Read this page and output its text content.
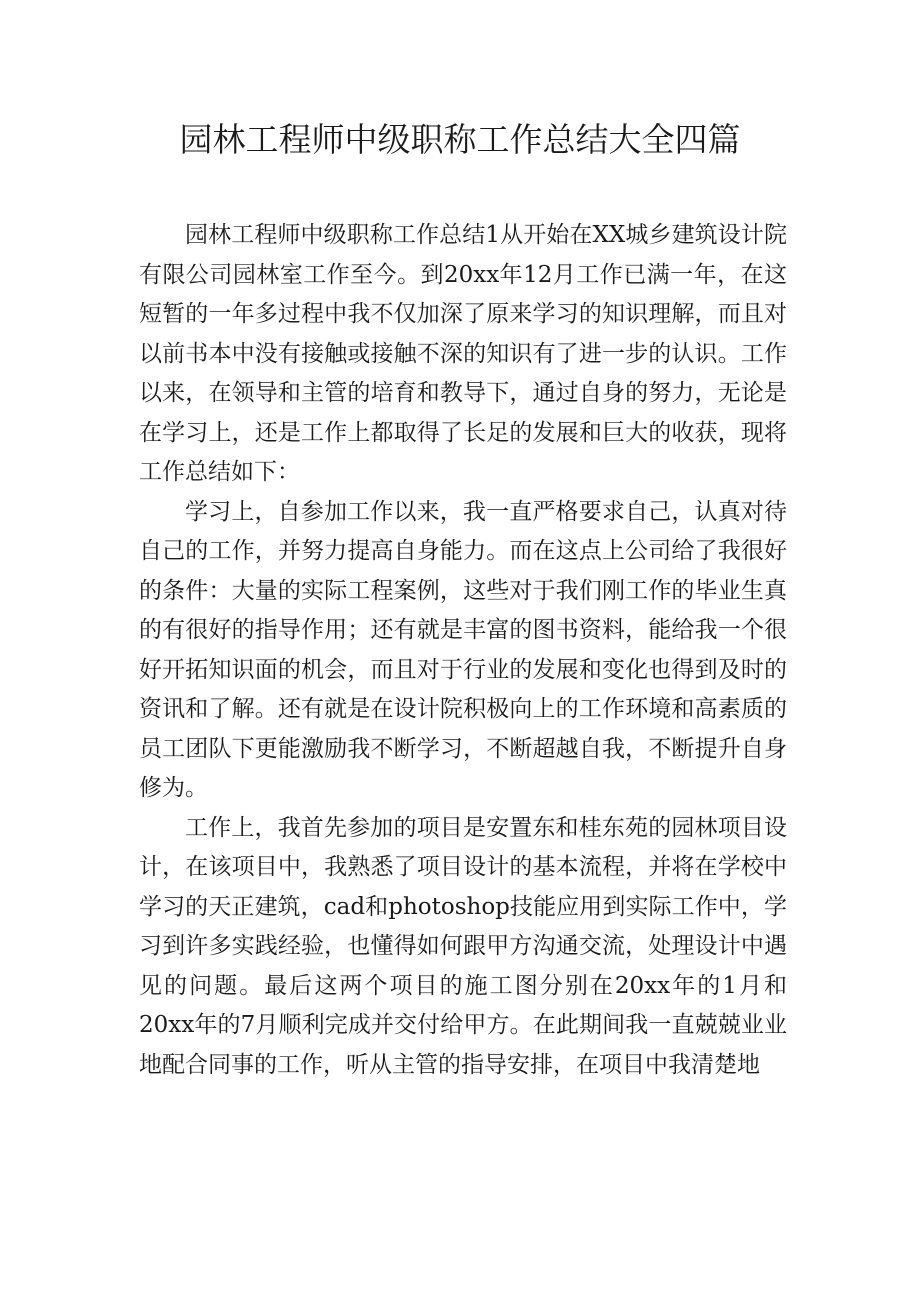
园林工程师中级职称工作总结大全四篇

园林工程师中级职称工作总结1从开始在XX城乡建筑设计院有限公司园林室工作至今。到20xx年12月工作已满一年，在这短暂的一年多过程中我不仅加深了原来学习的知识理解，而且对以前书本中没有接触或接触不深的知识有了进一步的认识。工作以来，在领导和主管的培育和教导下，通过自身的努力，无论是在学习上，还是工作上都取得了长足的发展和巨大的收获，现将工作总结如下：

学习上，自参加工作以来，我一直严格要求自己，认真对待自己的工作，并努力提高自身能力。而在这点上公司给了我很好的条件：大量的实际工程案例，这些对于我们刚工作的毕业生真的有很好的指导作用；还有就是丰富的图书资料，能给我一个很好开拓知识面的机会，而且对于行业的发展和变化也得到及时的资讯和了解。还有就是在设计院积极向上的工作环境和高素质的员工团队下更能激励我不断学习，不断超越自我，不断提升自身修为。

工作上，我首先参加的项目是安置东和桂东苑的园林项目设计，在该项目中，我熟悉了项目设计的基本流程，并将在学校中学习的天正建筑，cad和photoshop技能应用到实际工作中，学习到许多实践经验，也懂得如何跟甲方沟通交流，处理设计中遇见的问题。最后这两个项目的施工图分别在20xx年的1月和20xx年的7月顺利完成并交付给甲方。在此期间我一直兢兢业业地配合同事的工作，听从主管的指导安排，在项目中我清楚地
